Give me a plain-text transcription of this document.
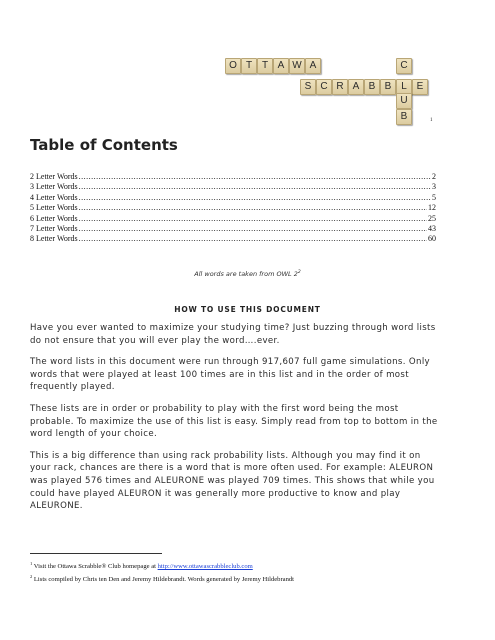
O T T A W A
S C R A B B L E
C
U
B	1
Table of Contents
2 Letter Words .....	2
3 Letter Words .....	3
4 Letter Words .....	5
5 Letter Words .....	12
6 Letter Words .....	25
7 Letter Words .....	43
8 Letter Words .....	60
All words are taken from OWL $2^2$
HOW TO USE THIS DOCUMENT

Have you ever wanted to maximize your studying time? Just buzzing through word lists do not ensure that you will ever play the word….ever.

The word lists in this document were run through 917,607 full game simulations. Only words that were played at least 100 times are in this list and in the order of most frequently played.

These lists are in order or probability to play with the first word being the most probable. To maximize the use of this list is easy. Simply read from top to bottom in the word length of your choice.

This is a big difference than using rack probability lists. Although you may find it on your rack, chances are there is a word that is more often used. For example: ALEURON was played 576 times and ALEURONE was played 709 times. This shows that while you could have played ALEURON it was generally more productive to know and play ALEURONE.

$^1$ Visit the Ottawa Scrabble® Club homepage at http://www.ottawascrabbleclub.com
$^2$ Lists compiled by Chris ten Den and Jeremy Hildebrandt. Words generated by Jeremy Hildebrandt
